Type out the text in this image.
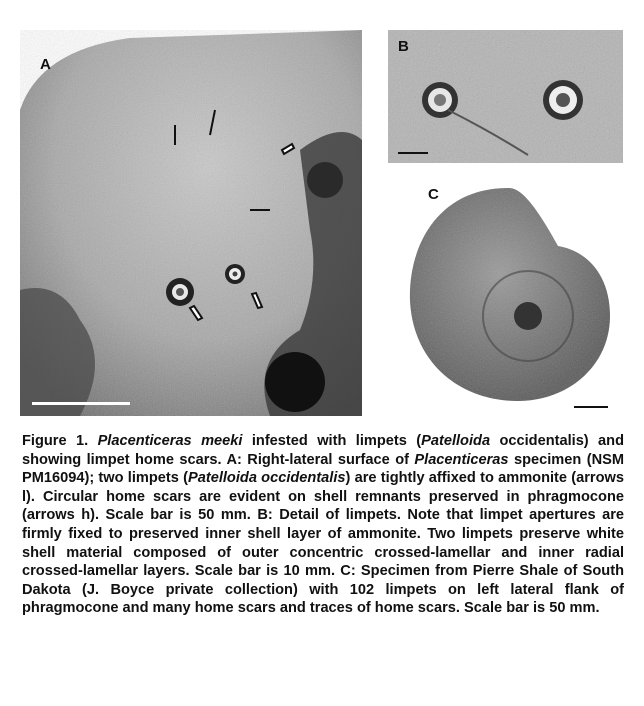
A
B
C

Figure 1. Placenticeras meeki infested with limpets (Patelloida occidentalis) and showing limpet home scars. A: Right-lateral surface of Placenticeras specimen (NSM PM16094); two limpets (Patelloida occidentalis) are tightly affixed to ammonite (arrows l). Circular home scars are evident on shell remnants preserved in phragmocone (arrows h). Scale bar is 50 mm. B: Detail of limpets. Note that limpet apertures are firmly fixed to preserved inner shell layer of ammonite. Two limpets preserve white shell material composed of outer concentric crossed-lamellar and inner radial crossed-lamellar layers. Scale bar is 10 mm. C: Specimen from Pierre Shale of South Dakota (J. Boyce private collection) with 102 limpets on left lateral flank of phragmocone and many home scars and traces of home scars. Scale bar is 50 mm.
